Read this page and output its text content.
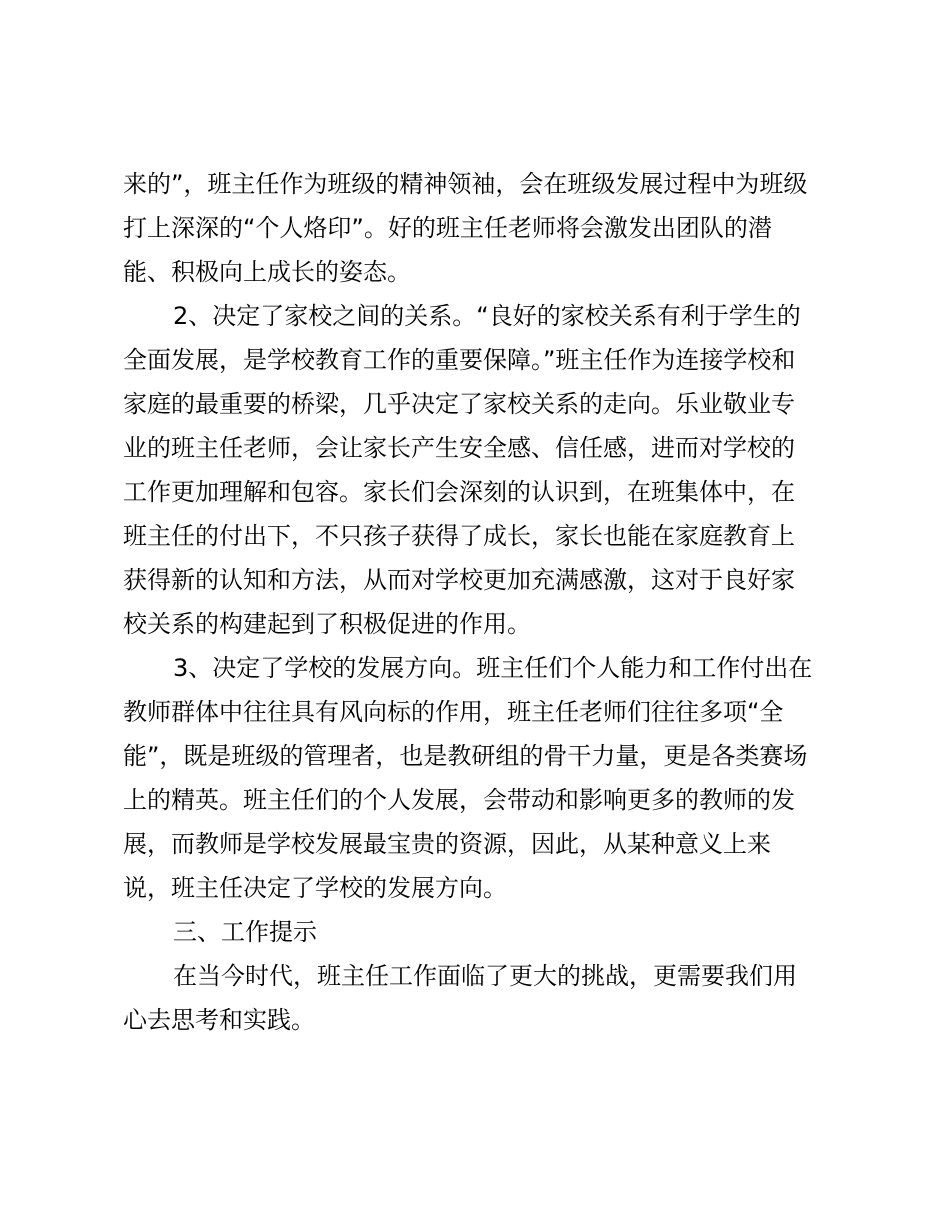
来的”，班主任作为班级的精神领袖，会在班级发展过程中为班级
打上深深的“个人烙印”。好的班主任老师将会激发出团队的潜
能、积极向上成长的姿态。
2、决定了家校之间的关系。“良好的家校关系有利于学生的
全面发展，是学校教育工作的重要保障。”班主任作为连接学校和
家庭的最重要的桥梁，几乎决定了家校关系的走向。乐业敬业专
业的班主任老师，会让家长产生安全感、信任感，进而对学校的
工作更加理解和包容。家长们会深刻的认识到，在班集体中，在
班主任的付出下，不只孩子获得了成长，家长也能在家庭教育上
获得新的认知和方法，从而对学校更加充满感激，这对于良好家
校关系的构建起到了积极促进的作用。
3、决定了学校的发展方向。班主任们个人能力和工作付出在
教师群体中往往具有风向标的作用，班主任老师们往往多项“全
能”，既是班级的管理者，也是教研组的骨干力量，更是各类赛场
上的精英。班主任们的个人发展，会带动和影响更多的教师的发
展，而教师是学校发展最宝贵的资源，因此，从某种意义上来
说，班主任决定了学校的发展方向。
三、工作提示
在当今时代，班主任工作面临了更大的挑战，更需要我们用
心去思考和实践。
